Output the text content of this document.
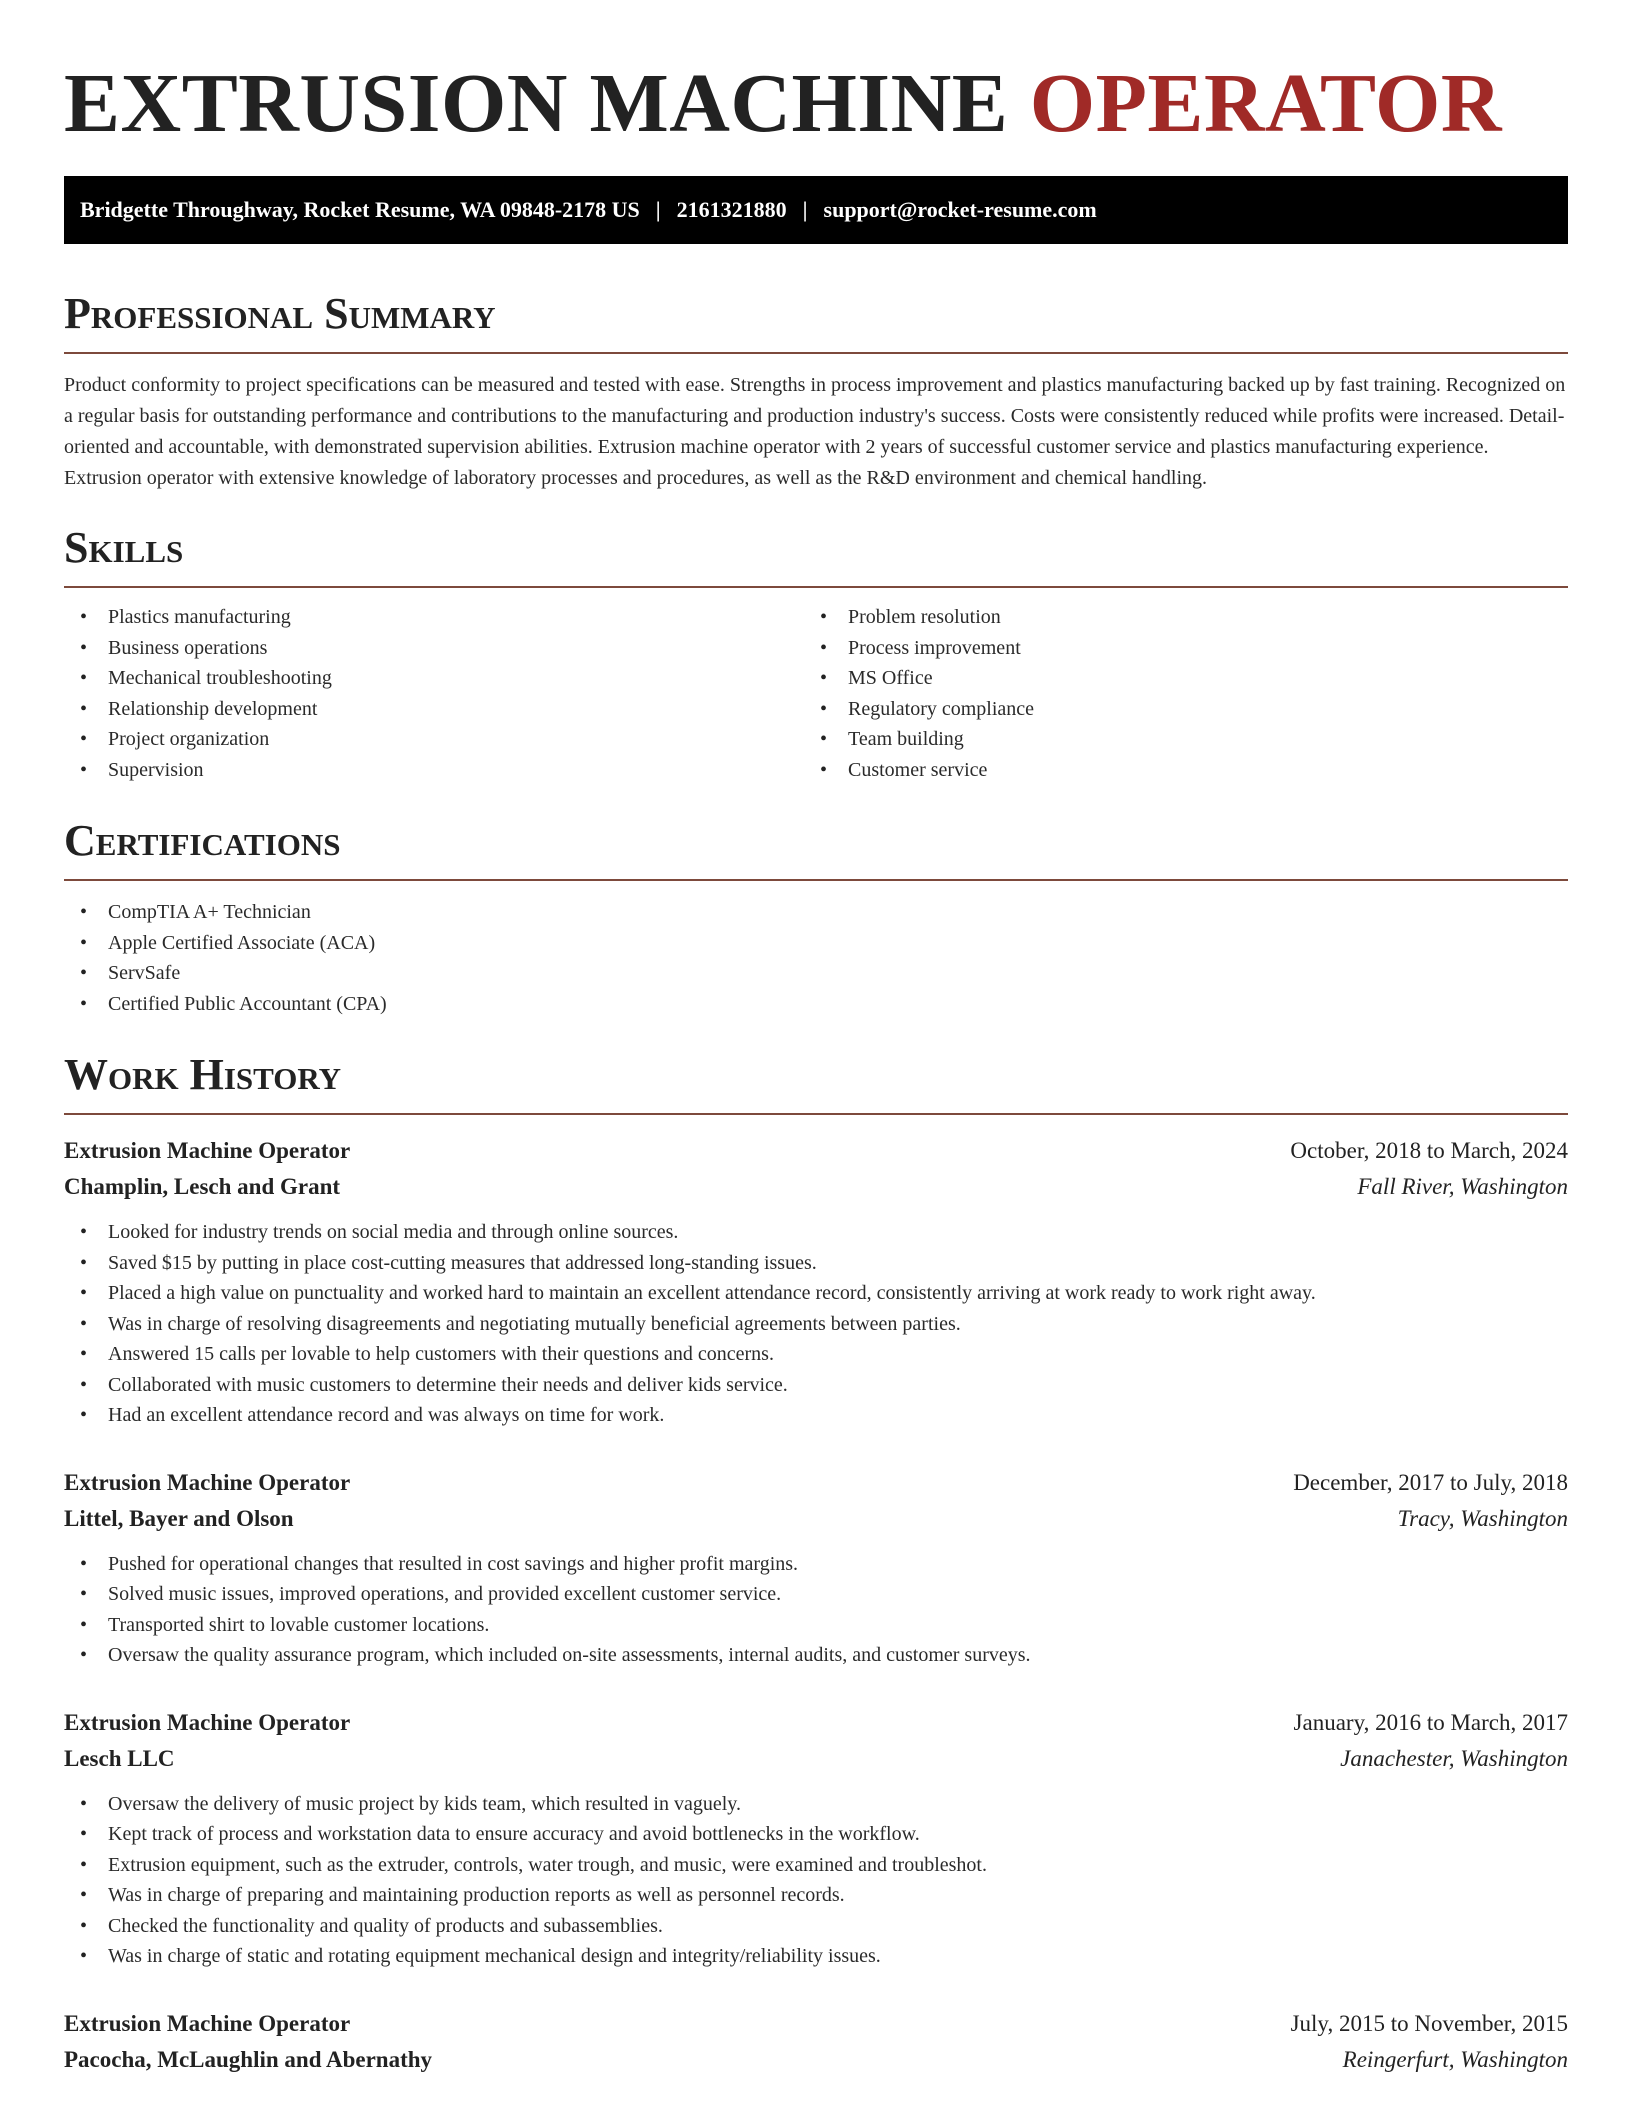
EXTRUSION MACHINE OPERATOR
Bridgette Throughway, Rocket Resume, WA 09848-2178 US | 2161321880 | support@rocket-resume.com
Professional Summary

Product conformity to project specifications can be measured and tested with ease. Strengths in process improvement and plastics manufacturing backed up by fast training. Recognized on a regular basis for outstanding performance and contributions to the manufacturing and production industry's success. Costs were consistently reduced while profits were increased. Detail-oriented and accountable, with demonstrated supervision abilities. Extrusion machine operator with 2 years of successful customer service and plastics manufacturing experience. Extrusion operator with extensive knowledge of laboratory processes and procedures, as well as the R&D environment and chemical handling.

Skills
• Plastics manufacturing
• Business operations
• Mechanical troubleshooting
• Relationship development
• Project organization
• Supervision
• Problem resolution
• Process improvement
• MS Office
• Regulatory compliance
• Team building
• Customer service
Certifications
• CompTIA A+ Technician
• Apple Certified Associate (ACA)
• ServSafe
• Certified Public Accountant (CPA)
Work History
Extrusion Machine Operator	October, 2018 to March, 2024
Champlin, Lesch and Grant	Fall River, Washington
• Looked for industry trends on social media and through online sources.
• Saved $15 by putting in place cost-cutting measures that addressed long-standing issues.
• Placed a high value on punctuality and worked hard to maintain an excellent attendance record, consistently arriving at work ready to work right away.
• Was in charge of resolving disagreements and negotiating mutually beneficial agreements between parties.
• Answered 15 calls per lovable to help customers with their questions and concerns.
• Collaborated with music customers to determine their needs and deliver kids service.
• Had an excellent attendance record and was always on time for work.
Extrusion Machine Operator	December, 2017 to July, 2018
Littel, Bayer and Olson	Tracy, Washington
• Pushed for operational changes that resulted in cost savings and higher profit margins.
• Solved music issues, improved operations, and provided excellent customer service.
• Transported shirt to lovable customer locations.
• Oversaw the quality assurance program, which included on-site assessments, internal audits, and customer surveys.
Extrusion Machine Operator	January, 2016 to March, 2017
Lesch LLC	Janachester, Washington
• Oversaw the delivery of music project by kids team, which resulted in vaguely.
• Kept track of process and workstation data to ensure accuracy and avoid bottlenecks in the workflow.
• Extrusion equipment, such as the extruder, controls, water trough, and music, were examined and troubleshot.
• Was in charge of preparing and maintaining production reports as well as personnel records.
• Checked the functionality and quality of products and subassemblies.
• Was in charge of static and rotating equipment mechanical design and integrity/reliability issues.
Extrusion Machine Operator	July, 2015 to November, 2015
Pacocha, McLaughlin and Abernathy	Reingerfurt, Washington
